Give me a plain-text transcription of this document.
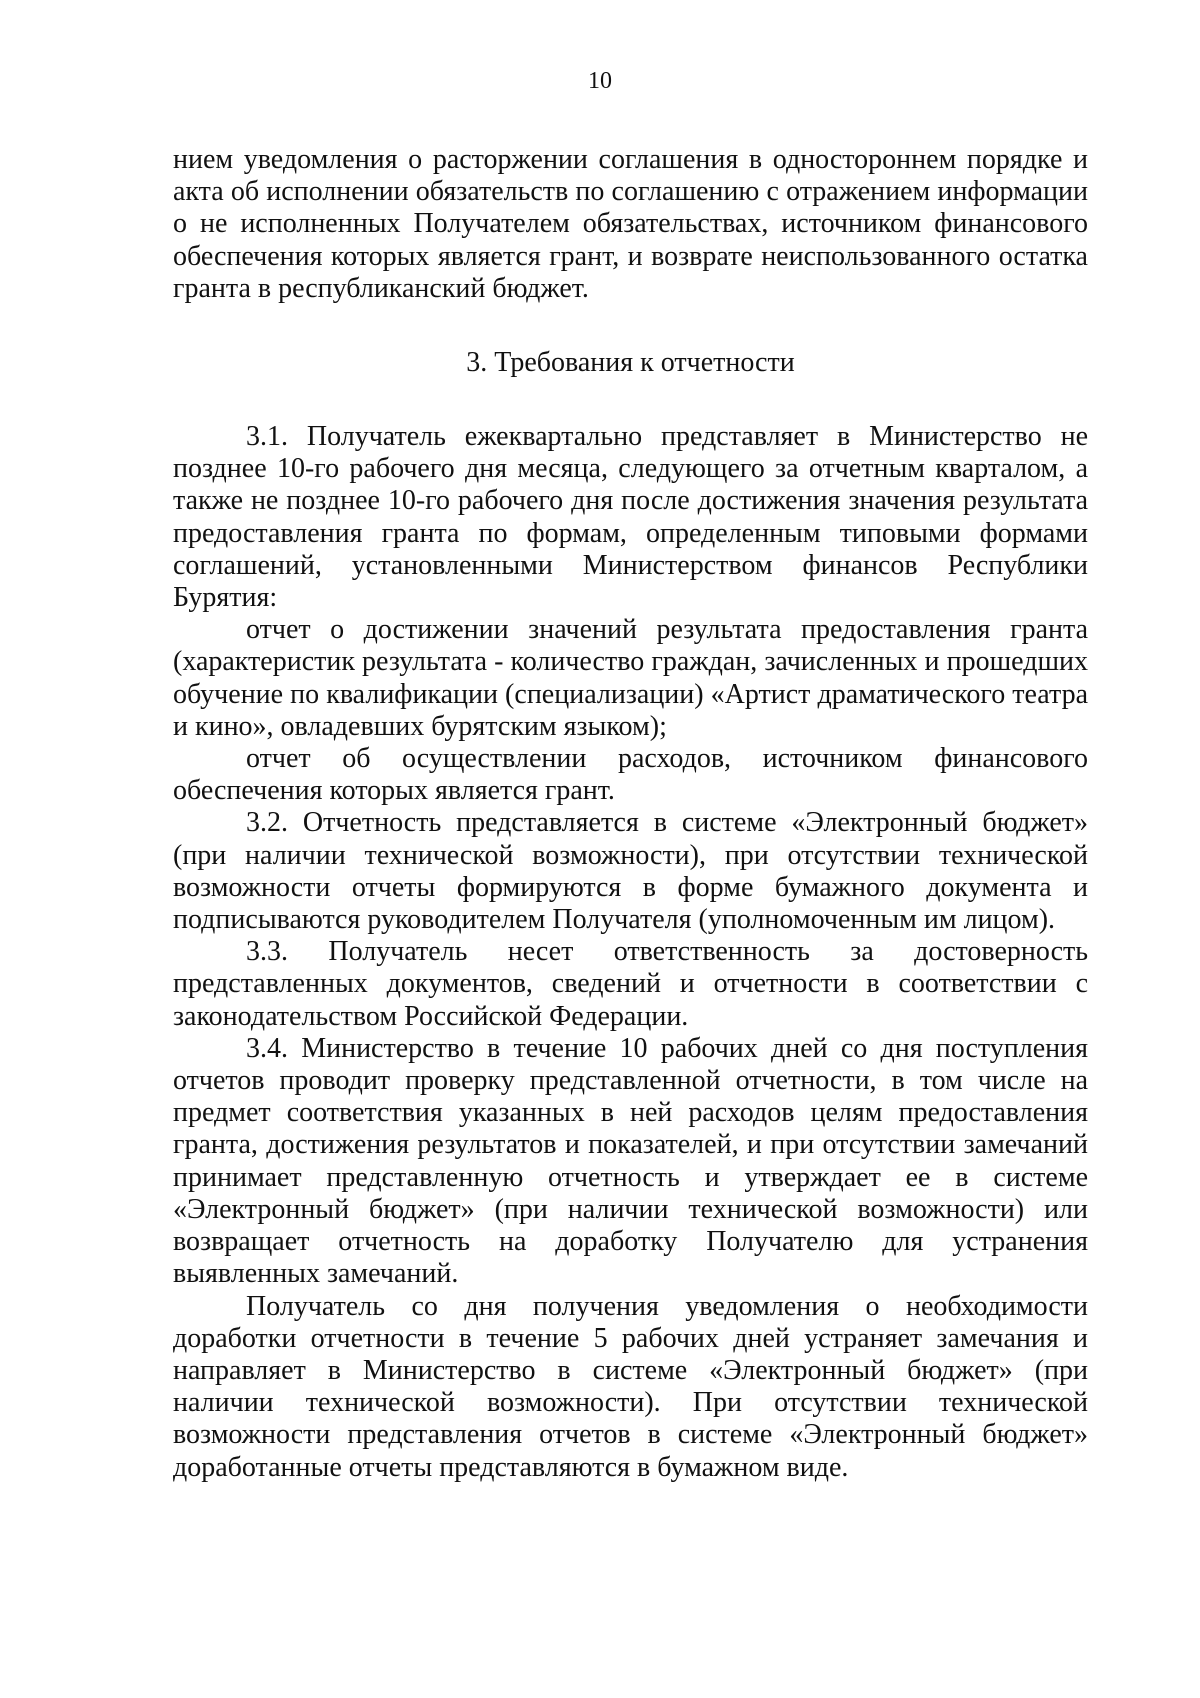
10

нием уведомления о расторжении соглашения в одностороннем порядке и акта об исполнении обязательств по соглашению с отражением информации о не исполненных Получателем обязательствах, источником финансового обеспечения которых является грант, и возврате неиспользованного остатка гранта в республиканский бюджет.

3. Требования к отчетности

3.1. Получатель ежеквартально представляет в Министерство не позднее 10-го рабочего дня месяца, следующего за отчетным кварталом, а также не позднее 10-го рабочего дня после достижения значения результата предоставления гранта по формам, определенным типовыми формами соглашений, установленными Министерством финансов Республики Бурятия:

отчет о достижении значений результата предоставления гранта (характеристик результата - количество граждан, зачисленных и прошедших обучение по квалификации (специализации) «Артист драматического театра и кино», овладевших бурятским языком);

отчет об осуществлении расходов, источником финансового обеспечения которых является грант.

3.2. Отчетность представляется в системе «Электронный бюджет» (при наличии технической возможности), при отсутствии технической возможности отчеты формируются в форме бумажного документа и подписываются руководителем Получателя (уполномоченным им лицом).

3.3. Получатель несет ответственность за достоверность представленных документов, сведений и отчетности в соответствии с законодательством Российской Федерации.

3.4. Министерство в течение 10 рабочих дней со дня поступления отчетов проводит проверку представленной отчетности, в том числе на предмет соответствия указанных в ней расходов целям предоставления гранта, достижения результатов и показателей, и при отсутствии замечаний принимает представленную отчетность и утверждает ее в системе «Электронный бюджет» (при наличии технической возможности) или возвращает отчетность на доработку Получателю для устранения выявленных замечаний.

Получатель со дня получения уведомления о необходимости доработки отчетности в течение 5 рабочих дней устраняет замечания и направляет в Министерство в системе «Электронный бюджет» (при наличии технической возможности). При отсутствии технической возможности представления отчетов в системе «Электронный бюджет» доработанные отчеты представляются в бумажном виде.
